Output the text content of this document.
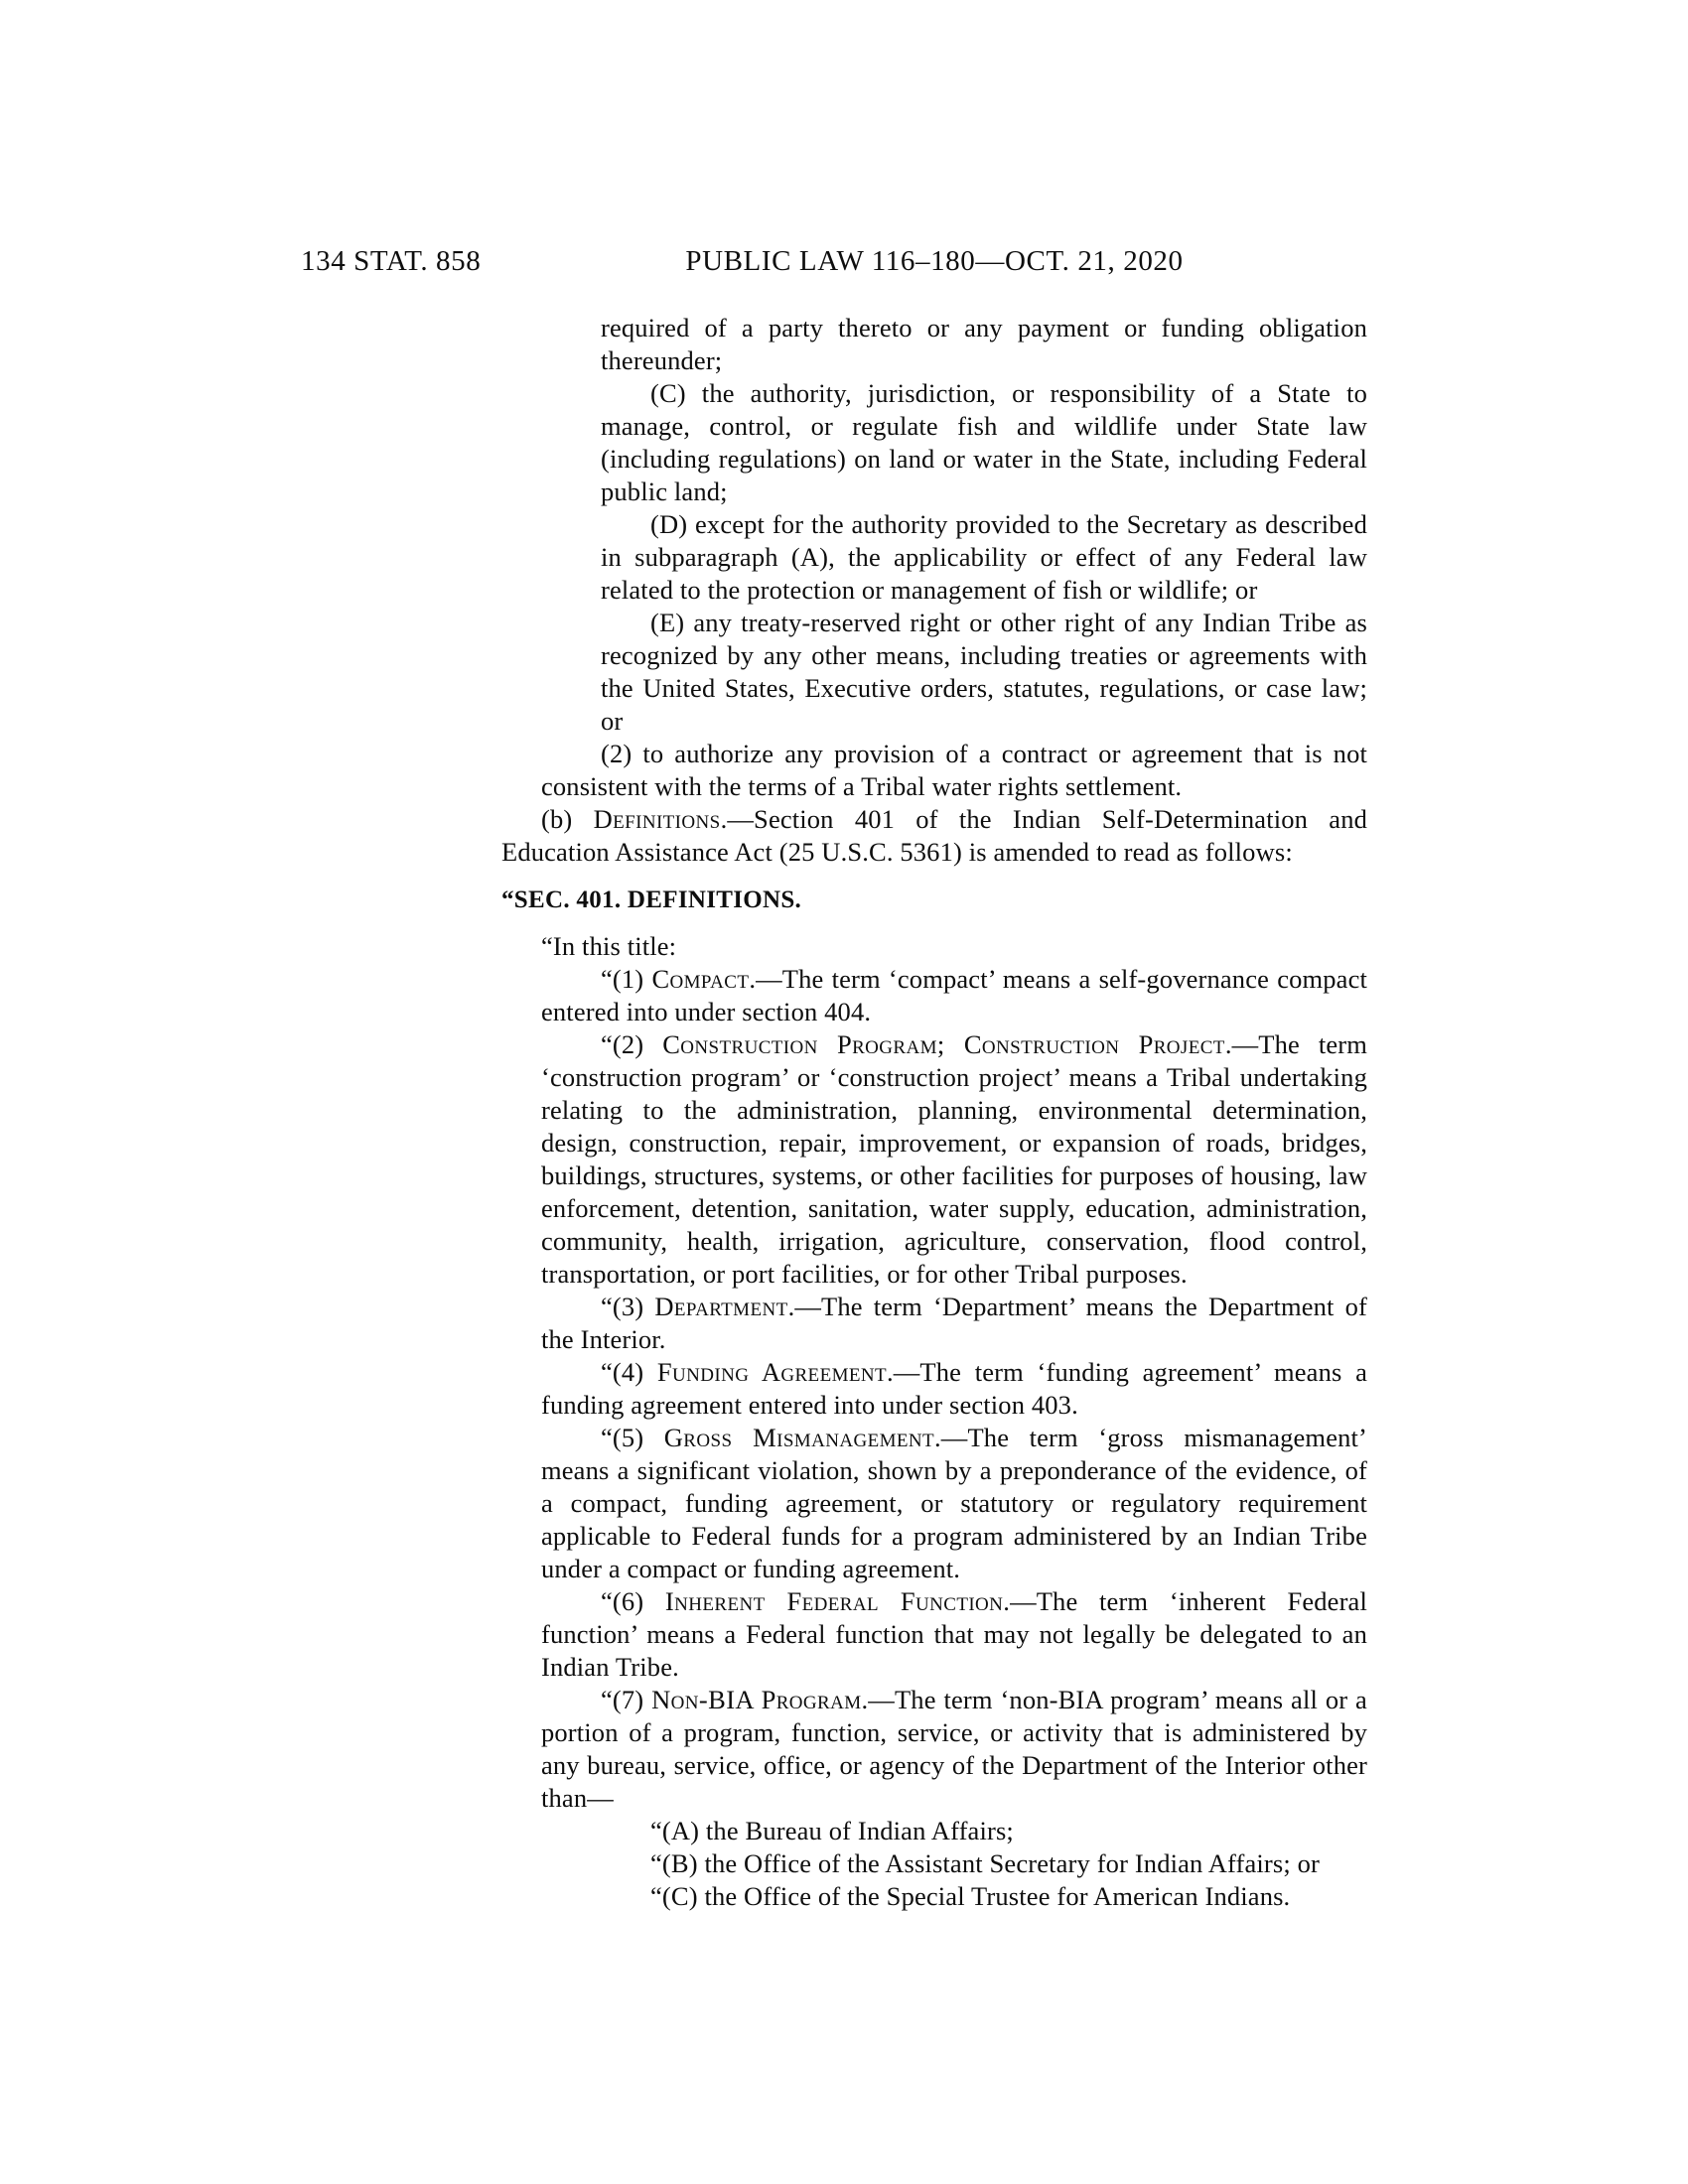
134 STAT. 858	PUBLIC LAW 116–180—OCT. 21, 2020

required of a party thereto or any payment or funding obligation thereunder;

(C) the authority, jurisdiction, or responsibility of a State to manage, control, or regulate fish and wildlife under State law (including regulations) on land or water in the State, including Federal public land;

(D) except for the authority provided to the Secretary as described in subparagraph (A), the applicability or effect of any Federal law related to the protection or management of fish or wildlife; or

(E) any treaty-reserved right or other right of any Indian Tribe as recognized by any other means, including treaties or agreements with the United States, Executive orders, statutes, regulations, or case law; or

(2) to authorize any provision of a contract or agreement that is not consistent with the terms of a Tribal water rights settlement.

(b) Definitions.—Section 401 of the Indian Self-Determination and Education Assistance Act (25 U.S.C. 5361) is amended to read as follows:

“SEC. 401. DEFINITIONS.

“In this title:

“(1) Compact.—The term ‘compact’ means a self-governance compact entered into under section 404.

“(2) Construction Program; Construction Project.—The term ‘construction program’ or ‘construction project’ means a Tribal undertaking relating to the administration, planning, environmental determination, design, construction, repair, improvement, or expansion of roads, bridges, buildings, structures, systems, or other facilities for purposes of housing, law enforcement, detention, sanitation, water supply, education, administration, community, health, irrigation, agriculture, conservation, flood control, transportation, or port facilities, or for other Tribal purposes.

“(3) Department.—The term ‘Department’ means the Department of the Interior.

“(4) Funding Agreement.—The term ‘funding agreement’ means a funding agreement entered into under section 403.

“(5) Gross Mismanagement.—The term ‘gross mismanagement’ means a significant violation, shown by a preponderance of the evidence, of a compact, funding agreement, or statutory or regulatory requirement applicable to Federal funds for a program administered by an Indian Tribe under a compact or funding agreement.

“(6) Inherent Federal Function.—The term ‘inherent Federal function’ means a Federal function that may not legally be delegated to an Indian Tribe.

“(7) Non-BIA Program.—The term ‘non-BIA program’ means all or a portion of a program, function, service, or activity that is administered by any bureau, service, office, or agency of the Department of the Interior other than—

“(A) the Bureau of Indian Affairs;

“(B) the Office of the Assistant Secretary for Indian Affairs; or

“(C) the Office of the Special Trustee for American Indians.
